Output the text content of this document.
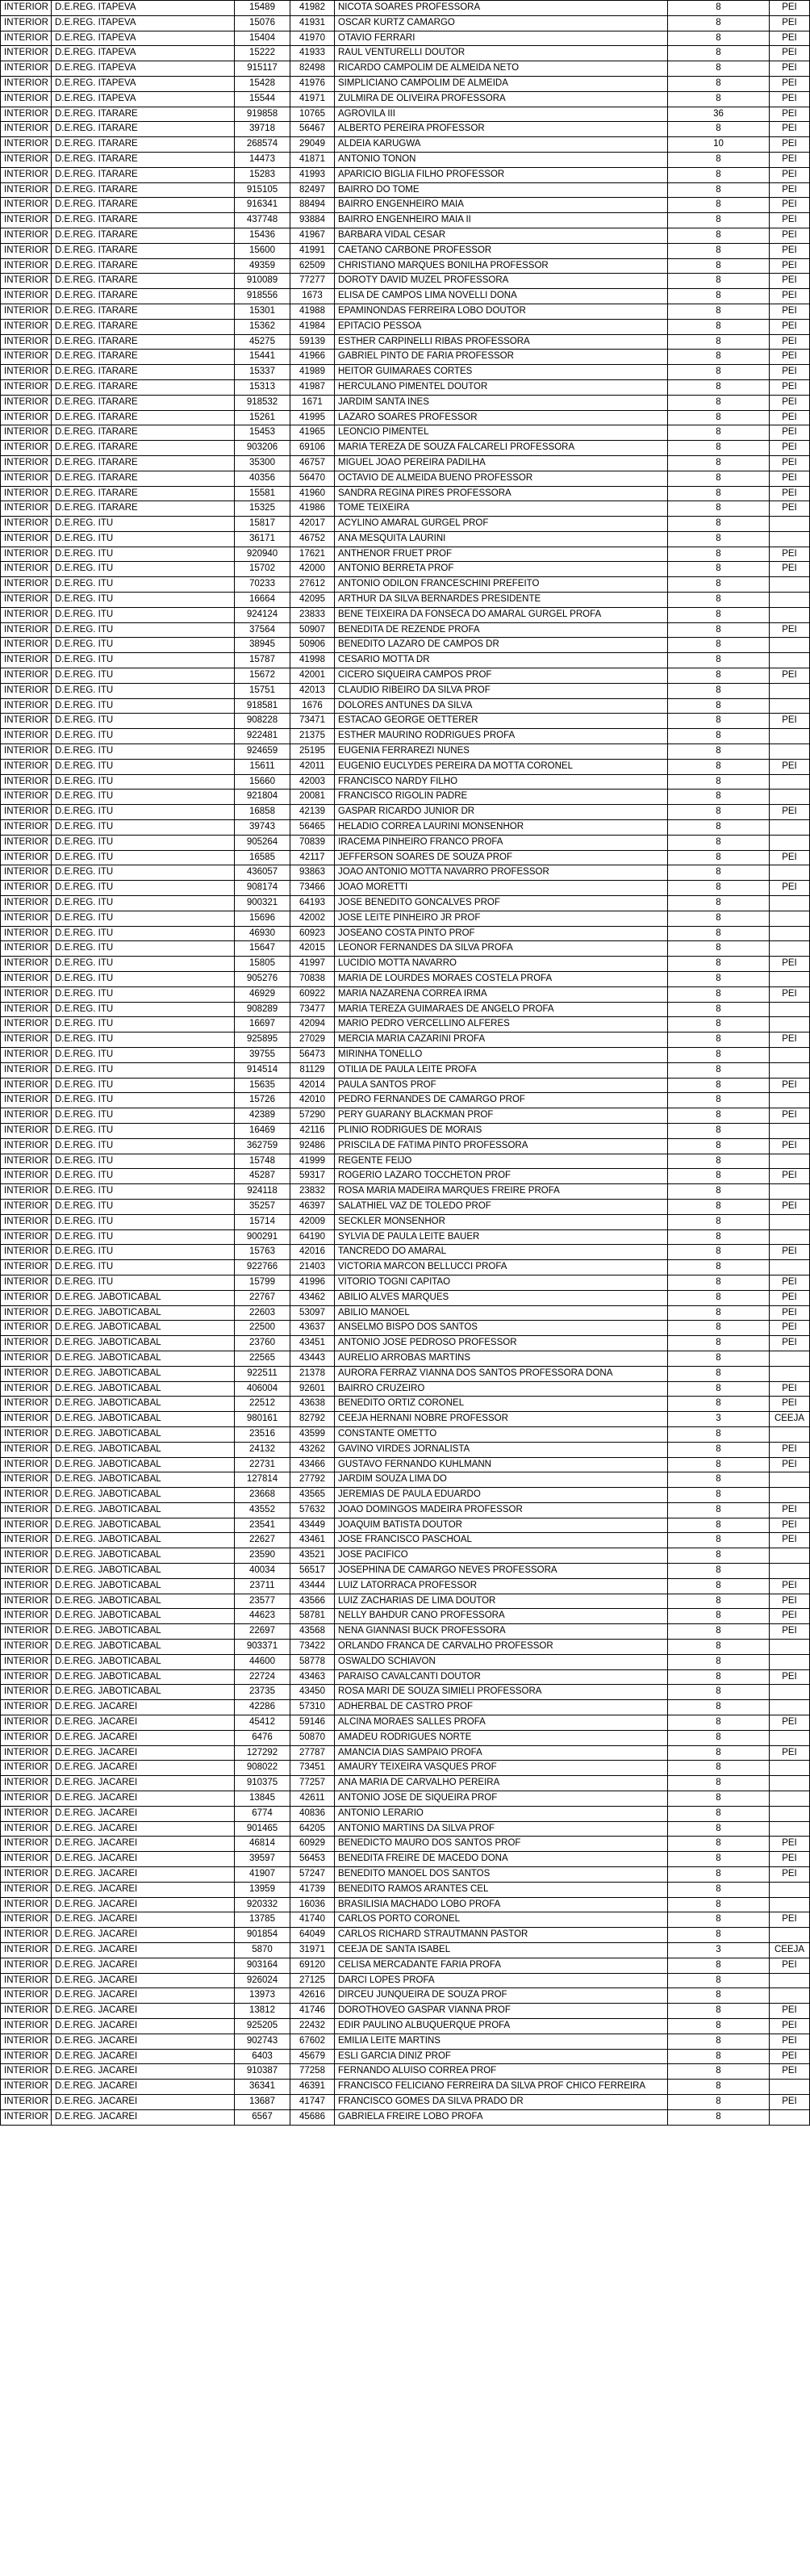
INTERIOR	D.E.REG. ITAPEVA	15489	41982	NICOTA SOARES PROFESSORA	8	PEI
INTERIOR	D.E.REG. ITAPEVA	15076	41931	OSCAR KURTZ CAMARGO	8	PEI
INTERIOR	D.E.REG. ITAPEVA	15404	41970	OTAVIO FERRARI	8	PEI
INTERIOR	D.E.REG. ITAPEVA	15222	41933	RAUL VENTURELLI DOUTOR	8	PEI
INTERIOR	D.E.REG. ITAPEVA	915117	82498	RICARDO CAMPOLIM DE ALMEIDA NETO	8	PEI
INTERIOR	D.E.REG. ITAPEVA	15428	41976	SIMPLICIANO CAMPOLIM DE ALMEIDA	8	PEI
INTERIOR	D.E.REG. ITAPEVA	15544	41971	ZULMIRA DE OLIVEIRA PROFESSORA	8	PEI
INTERIOR	D.E.REG. ITARARE	919858	10765	AGROVILA III	36	PEI
INTERIOR	D.E.REG. ITARARE	39718	56467	ALBERTO PEREIRA PROFESSOR	8	PEI
INTERIOR	D.E.REG. ITARARE	268574	29049	ALDEIA KARUGWA	10	PEI
INTERIOR	D.E.REG. ITARARE	14473	41871	ANTONIO TONON	8	PEI
INTERIOR	D.E.REG. ITARARE	15283	41993	APARICIO BIGLIA FILHO PROFESSOR	8	PEI
INTERIOR	D.E.REG. ITARARE	915105	82497	BAIRRO DO TOME	8	PEI
INTERIOR	D.E.REG. ITARARE	916341	88494	BAIRRO ENGENHEIRO MAIA	8	PEI
INTERIOR	D.E.REG. ITARARE	437748	93884	BAIRRO ENGENHEIRO MAIA II	8	PEI
INTERIOR	D.E.REG. ITARARE	15436	41967	BARBARA VIDAL CESAR	8	PEI
INTERIOR	D.E.REG. ITARARE	15600	41991	CAETANO CARBONE PROFESSOR	8	PEI
INTERIOR	D.E.REG. ITARARE	49359	62509	CHRISTIANO MARQUES BONILHA PROFESSOR	8	PEI
INTERIOR	D.E.REG. ITARARE	910089	77277	DOROTY DAVID MUZEL PROFESSORA	8	PEI
INTERIOR	D.E.REG. ITARARE	918556	1673	ELISA DE CAMPOS LIMA NOVELLI DONA	8	PEI
INTERIOR	D.E.REG. ITARARE	15301	41988	EPAMINONDAS FERREIRA LOBO DOUTOR	8	PEI
INTERIOR	D.E.REG. ITARARE	15362	41984	EPITACIO PESSOA	8	PEI
INTERIOR	D.E.REG. ITARARE	45275	59139	ESTHER CARPINELLI RIBAS PROFESSORA	8	PEI
INTERIOR	D.E.REG. ITARARE	15441	41966	GABRIEL PINTO DE FARIA PROFESSOR	8	PEI
INTERIOR	D.E.REG. ITARARE	15337	41989	HEITOR GUIMARAES CORTES	8	PEI
INTERIOR	D.E.REG. ITARARE	15313	41987	HERCULANO PIMENTEL DOUTOR	8	PEI
INTERIOR	D.E.REG. ITARARE	918532	1671	JARDIM SANTA INES	8	PEI
INTERIOR	D.E.REG. ITARARE	15261	41995	LAZARO SOARES PROFESSOR	8	PEI
INTERIOR	D.E.REG. ITARARE	15453	41965	LEONCIO PIMENTEL	8	PEI
INTERIOR	D.E.REG. ITARARE	903206	69106	MARIA TEREZA DE SOUZA FALCARELI PROFESSORA	8	PEI
INTERIOR	D.E.REG. ITARARE	35300	46757	MIGUEL JOAO PEREIRA PADILHA	8	PEI
INTERIOR	D.E.REG. ITARARE	40356	56470	OCTAVIO DE ALMEIDA BUENO PROFESSOR	8	PEI
INTERIOR	D.E.REG. ITARARE	15581	41960	SANDRA REGINA PIRES PROFESSORA	8	PEI
INTERIOR	D.E.REG. ITARARE	15325	41986	TOME TEIXEIRA	8	PEI
INTERIOR	D.E.REG. ITU	15817	42017	ACYLINO AMARAL GURGEL PROF	8	
INTERIOR	D.E.REG. ITU	36171	46752	ANA MESQUITA LAURINI	8	
INTERIOR	D.E.REG. ITU	920940	17621	ANTHENOR FRUET PROF	8	PEI
INTERIOR	D.E.REG. ITU	15702	42000	ANTONIO BERRETA PROF	8	PEI
INTERIOR	D.E.REG. ITU	70233	27612	ANTONIO ODILON FRANCESCHINI PREFEITO	8	
INTERIOR	D.E.REG. ITU	16664	42095	ARTHUR DA SILVA BERNARDES PRESIDENTE	8	
INTERIOR	D.E.REG. ITU	924124	23833	BENE TEIXEIRA DA FONSECA DO AMARAL GURGEL PROFA	8	
INTERIOR	D.E.REG. ITU	37564	50907	BENEDITA DE REZENDE PROFA	8	PEI
INTERIOR	D.E.REG. ITU	38945	50906	BENEDITO LAZARO DE CAMPOS DR	8	
INTERIOR	D.E.REG. ITU	15787	41998	CESARIO MOTTA DR	8	
INTERIOR	D.E.REG. ITU	15672	42001	CICERO SIQUEIRA CAMPOS PROF	8	PEI
INTERIOR	D.E.REG. ITU	15751	42013	CLAUDIO RIBEIRO DA SILVA PROF	8	
INTERIOR	D.E.REG. ITU	918581	1676	DOLORES ANTUNES DA SILVA	8	
INTERIOR	D.E.REG. ITU	908228	73471	ESTACAO GEORGE OETTERER	8	PEI
INTERIOR	D.E.REG. ITU	922481	21375	ESTHER MAURINO RODRIGUES PROFA	8	
INTERIOR	D.E.REG. ITU	924659	25195	EUGENIA FERRAREZI NUNES	8	
INTERIOR	D.E.REG. ITU	15611	42011	EUGENIO EUCLYDES PEREIRA DA MOTTA CORONEL	8	PEI
INTERIOR	D.E.REG. ITU	15660	42003	FRANCISCO NARDY FILHO	8	
INTERIOR	D.E.REG. ITU	921804	20081	FRANCISCO RIGOLIN PADRE	8	
INTERIOR	D.E.REG. ITU	16858	42139	GASPAR RICARDO JUNIOR DR	8	PEI
INTERIOR	D.E.REG. ITU	39743	56465	HELADIO CORREA LAURINI MONSENHOR	8	
INTERIOR	D.E.REG. ITU	905264	70839	IRACEMA PINHEIRO FRANCO PROFA	8	
INTERIOR	D.E.REG. ITU	16585	42117	JEFFERSON SOARES DE SOUZA PROF	8	PEI
INTERIOR	D.E.REG. ITU	436057	93863	JOAO ANTONIO MOTTA NAVARRO PROFESSOR	8	
INTERIOR	D.E.REG. ITU	908174	73466	JOAO MORETTI	8	PEI
INTERIOR	D.E.REG. ITU	900321	64193	JOSE BENEDITO GONCALVES PROF	8	
INTERIOR	D.E.REG. ITU	15696	42002	JOSE LEITE PINHEIRO JR PROF	8	
INTERIOR	D.E.REG. ITU	46930	60923	JOSEANO COSTA PINTO PROF	8	
INTERIOR	D.E.REG. ITU	15647	42015	LEONOR FERNANDES DA SILVA PROFA	8	
INTERIOR	D.E.REG. ITU	15805	41997	LUCIDIO MOTTA NAVARRO	8	PEI
INTERIOR	D.E.REG. ITU	905276	70838	MARIA DE LOURDES MORAES COSTELA PROFA	8	
INTERIOR	D.E.REG. ITU	46929	60922	MARIA NAZARENA CORREA IRMA	8	PEI
INTERIOR	D.E.REG. ITU	908289	73477	MARIA TEREZA GUIMARAES DE ANGELO PROFA	8	
INTERIOR	D.E.REG. ITU	16697	42094	MARIO PEDRO VERCELLINO ALFERES	8	
INTERIOR	D.E.REG. ITU	925895	27029	MERCIA MARIA CAZARINI PROFA	8	PEI
INTERIOR	D.E.REG. ITU	39755	56473	MIRINHA TONELLO	8	
INTERIOR	D.E.REG. ITU	914514	81129	OTILIA DE PAULA LEITE PROFA	8	
INTERIOR	D.E.REG. ITU	15635	42014	PAULA SANTOS PROF	8	PEI
INTERIOR	D.E.REG. ITU	15726	42010	PEDRO FERNANDES DE CAMARGO PROF	8	
INTERIOR	D.E.REG. ITU	42389	57290	PERY GUARANY BLACKMAN PROF	8	PEI
INTERIOR	D.E.REG. ITU	16469	42116	PLINIO RODRIGUES DE MORAIS	8	
INTERIOR	D.E.REG. ITU	362759	92486	PRISCILA DE FATIMA PINTO PROFESSORA	8	PEI
INTERIOR	D.E.REG. ITU	15748	41999	REGENTE FEIJO	8	
INTERIOR	D.E.REG. ITU	45287	59317	ROGERIO LAZARO TOCCHETON PROF	8	PEI
INTERIOR	D.E.REG. ITU	924118	23832	ROSA MARIA MADEIRA MARQUES FREIRE PROFA	8	
INTERIOR	D.E.REG. ITU	35257	46397	SALATHIEL VAZ DE TOLEDO PROF	8	PEI
INTERIOR	D.E.REG. ITU	15714	42009	SECKLER MONSENHOR	8	
INTERIOR	D.E.REG. ITU	900291	64190	SYLVIA DE PAULA LEITE BAUER	8	
INTERIOR	D.E.REG. ITU	15763	42016	TANCREDO DO AMARAL	8	PEI
INTERIOR	D.E.REG. ITU	922766	21403	VICTORIA MARCON BELLUCCI PROFA	8	
INTERIOR	D.E.REG. ITU	15799	41996	VITORIO TOGNI CAPITAO	8	PEI
INTERIOR	D.E.REG. JABOTICABAL	22767	43462	ABILIO ALVES MARQUES	8	PEI
INTERIOR	D.E.REG. JABOTICABAL	22603	53097	ABILIO MANOEL	8	PEI
INTERIOR	D.E.REG. JABOTICABAL	22500	43637	ANSELMO BISPO DOS SANTOS	8	PEI
INTERIOR	D.E.REG. JABOTICABAL	23760	43451	ANTONIO JOSE PEDROSO PROFESSOR	8	PEI
INTERIOR	D.E.REG. JABOTICABAL	22565	43443	AURELIO ARROBAS MARTINS	8	
INTERIOR	D.E.REG. JABOTICABAL	922511	21378	AURORA FERRAZ VIANNA DOS SANTOS PROFESSORA DONA	8	
INTERIOR	D.E.REG. JABOTICABAL	406004	92601	BAIRRO CRUZEIRO	8	PEI
INTERIOR	D.E.REG. JABOTICABAL	22512	43638	BENEDITO ORTIZ CORONEL	8	PEI
INTERIOR	D.E.REG. JABOTICABAL	980161	82792	CEEJA HERNANI NOBRE PROFESSOR	3	CEEJA
INTERIOR	D.E.REG. JABOTICABAL	23516	43599	CONSTANTE OMETTO	8	
INTERIOR	D.E.REG. JABOTICABAL	24132	43262	GAVINO VIRDES JORNALISTA	8	PEI
INTERIOR	D.E.REG. JABOTICABAL	22731	43466	GUSTAVO FERNANDO KUHLMANN	8	PEI
INTERIOR	D.E.REG. JABOTICABAL	127814	27792	JARDIM SOUZA LIMA DO	8	
INTERIOR	D.E.REG. JABOTICABAL	23668	43565	JEREMIAS DE PAULA EDUARDO	8	
INTERIOR	D.E.REG. JABOTICABAL	43552	57632	JOAO DOMINGOS MADEIRA PROFESSOR	8	PEI
INTERIOR	D.E.REG. JABOTICABAL	23541	43449	JOAQUIM BATISTA DOUTOR	8	PEI
INTERIOR	D.E.REG. JABOTICABAL	22627	43461	JOSE FRANCISCO PASCHOAL	8	PEI
INTERIOR	D.E.REG. JABOTICABAL	23590	43521	JOSE PACIFICO	8	
INTERIOR	D.E.REG. JABOTICABAL	40034	56517	JOSEPHINA DE CAMARGO NEVES PROFESSORA	8	
INTERIOR	D.E.REG. JABOTICABAL	23711	43444	LUIZ LATORRACA PROFESSOR	8	PEI
INTERIOR	D.E.REG. JABOTICABAL	23577	43566	LUIZ ZACHARIAS DE LIMA DOUTOR	8	PEI
INTERIOR	D.E.REG. JABOTICABAL	44623	58781	NELLY BAHDUR CANO PROFESSORA	8	PEI
INTERIOR	D.E.REG. JABOTICABAL	22697	43568	NENA GIANNASI BUCK PROFESSORA	8	PEI
INTERIOR	D.E.REG. JABOTICABAL	903371	73422	ORLANDO FRANCA DE CARVALHO PROFESSOR	8	
INTERIOR	D.E.REG. JABOTICABAL	44600	58778	OSWALDO SCHIAVON	8	
INTERIOR	D.E.REG. JABOTICABAL	22724	43463	PARAISO CAVALCANTI DOUTOR	8	PEI
INTERIOR	D.E.REG. JABOTICABAL	23735	43450	ROSA MARI DE SOUZA SIMIELI PROFESSORA	8	
INTERIOR	D.E.REG. JACAREI	42286	57310	ADHERBAL DE CASTRO PROF	8	
INTERIOR	D.E.REG. JACAREI	45412	59146	ALCINA MORAES SALLES PROFA	8	PEI
INTERIOR	D.E.REG. JACAREI	6476	50870	AMADEU RODRIGUES NORTE	8	
INTERIOR	D.E.REG. JACAREI	127292	27787	AMANCIA DIAS SAMPAIO PROFA	8	PEI
INTERIOR	D.E.REG. JACAREI	908022	73451	AMAURY TEIXEIRA VASQUES PROF	8	
INTERIOR	D.E.REG. JACAREI	910375	77257	ANA MARIA DE CARVALHO PEREIRA	8	
INTERIOR	D.E.REG. JACAREI	13845	42611	ANTONIO JOSE DE SIQUEIRA PROF	8	
INTERIOR	D.E.REG. JACAREI	6774	40836	ANTONIO LERARIO	8	
INTERIOR	D.E.REG. JACAREI	901465	64205	ANTONIO MARTINS DA SILVA PROF	8	
INTERIOR	D.E.REG. JACAREI	46814	60929	BENEDICTO MAURO DOS SANTOS PROF	8	PEI
INTERIOR	D.E.REG. JACAREI	39597	56453	BENEDITA FREIRE DE MACEDO DONA	8	PEI
INTERIOR	D.E.REG. JACAREI	41907	57247	BENEDITO MANOEL DOS SANTOS	8	PEI
INTERIOR	D.E.REG. JACAREI	13959	41739	BENEDITO RAMOS ARANTES CEL	8	
INTERIOR	D.E.REG. JACAREI	920332	16036	BRASILISIA MACHADO LOBO PROFA	8	
INTERIOR	D.E.REG. JACAREI	13785	41740	CARLOS PORTO CORONEL	8	PEI
INTERIOR	D.E.REG. JACAREI	901854	64049	CARLOS RICHARD STRAUTMANN PASTOR	8	
INTERIOR	D.E.REG. JACAREI	5870	31971	CEEJA DE SANTA ISABEL	3	CEEJA
INTERIOR	D.E.REG. JACAREI	903164	69120	CELISA MERCADANTE FARIA PROFA	8	PEI
INTERIOR	D.E.REG. JACAREI	926024	27125	DARCI LOPES PROFA	8	
INTERIOR	D.E.REG. JACAREI	13973	42616	DIRCEU JUNQUEIRA DE SOUZA PROF	8	
INTERIOR	D.E.REG. JACAREI	13812	41746	DOROTHOVEO GASPAR VIANNA PROF	8	PEI
INTERIOR	D.E.REG. JACAREI	925205	22432	EDIR PAULINO ALBUQUERQUE PROFA	8	PEI
INTERIOR	D.E.REG. JACAREI	902743	67602	EMILIA LEITE MARTINS	8	PEI
INTERIOR	D.E.REG. JACAREI	6403	45679	ESLI GARCIA DINIZ PROF	8	PEI
INTERIOR	D.E.REG. JACAREI	910387	77258	FERNANDO ALUISO CORREA PROF	8	PEI
INTERIOR	D.E.REG. JACAREI	36341	46391	FRANCISCO FELICIANO FERREIRA DA SILVA PROF CHICO FERREIRA	8	
INTERIOR	D.E.REG. JACAREI	13687	41747	FRANCISCO GOMES DA SILVA PRADO DR	8	PEI
INTERIOR	D.E.REG. JACAREI	6567	45686	GABRIELA FREIRE LOBO PROFA	8	
